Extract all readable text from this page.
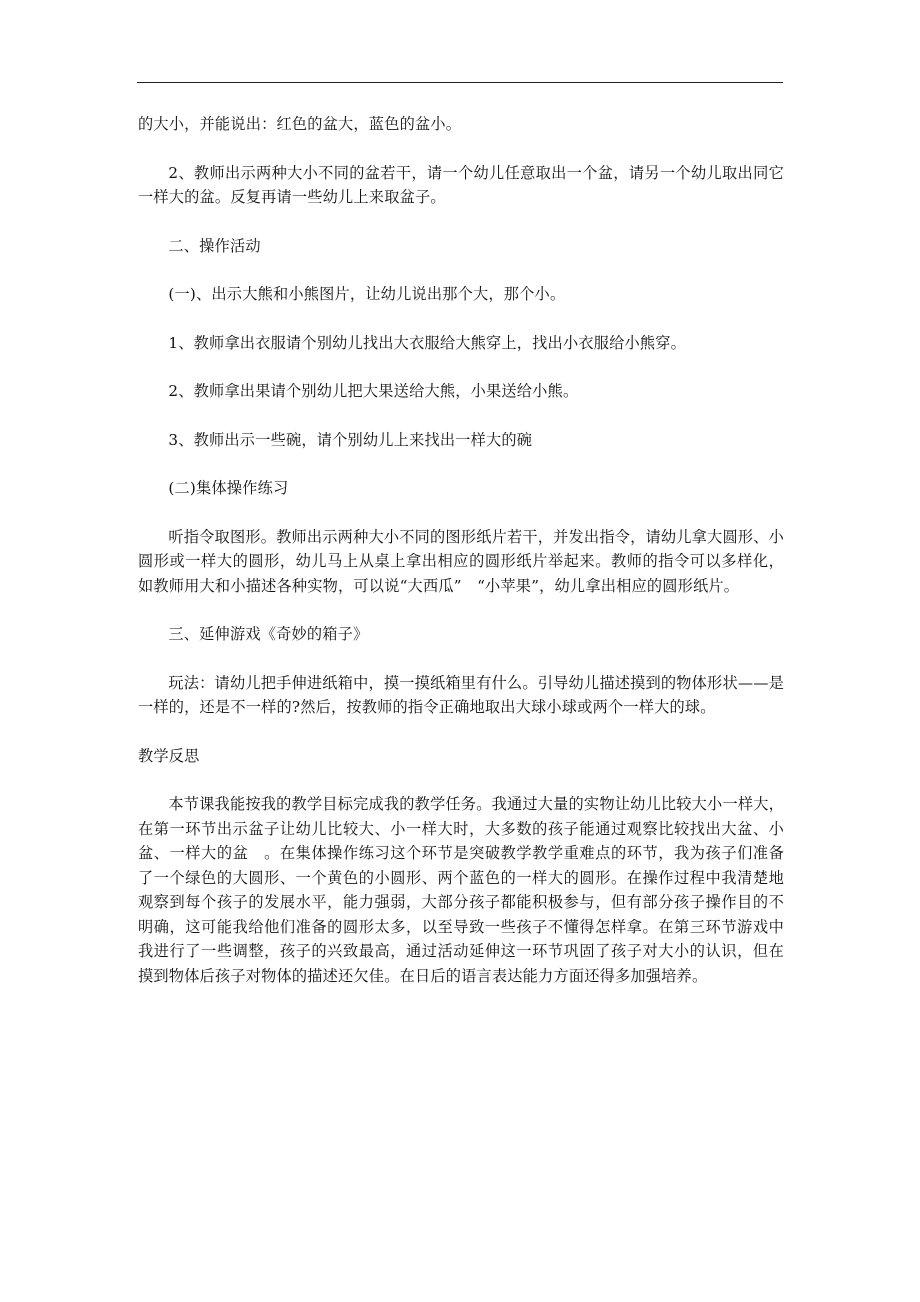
的大小，并能说出：红色的盆大，蓝色的盆小。

2、教师出示两种大小不同的盆若干，请一个幼儿任意取出一个盆，请另一个幼儿取出同它一样大的盆。反复再请一些幼儿上来取盆子。

二、操作活动

(一)、出示大熊和小熊图片，让幼儿说出那个大，那个小。

1、教师拿出衣服请个别幼儿找出大衣服给大熊穿上，找出小衣服给小熊穿。

2、教师拿出果请个别幼儿把大果送给大熊，小果送给小熊。

3、教师出示一些碗，请个别幼儿上来找出一样大的碗

(二)集体操作练习

听指令取图形。教师出示两种大小不同的图形纸片若干，并发出指令，请幼儿拿大圆形、小圆形或一样大的圆形，幼儿马上从桌上拿出相应的圆形纸片举起来。教师的指令可以多样化，如教师用大和小描述各种实物，可以说“大西瓜”　“小苹果”，幼儿拿出相应的圆形纸片。

三、延伸游戏《奇妙的箱子》

玩法：请幼儿把手伸进纸箱中，摸一摸纸箱里有什么。引导幼儿描述摸到的物体形状——是一样的，还是不一样的?然后，按教师的指令正确地取出大球小球或两个一样大的球。

教学反思

本节课我能按我的教学目标完成我的教学任务。我通过大量的实物让幼儿比较大小一样大，在第一环节出示盆子让幼儿比较大、小一样大时，大多数的孩子能通过观察比较找出大盆、小盆、一样大的盆　。在集体操作练习这个环节是突破教学教学重难点的环节，我为孩子们准备了一个绿色的大圆形、一个黄色的小圆形、两个蓝色的一样大的圆形。在操作过程中我清楚地观察到每个孩子的发展水平，能力强弱，大部分孩子都能积极参与，但有部分孩子操作目的不明确，这可能我给他们准备的圆形太多，以至导致一些孩子不懂得怎样拿。在第三环节游戏中我进行了一些调整，孩子的兴致最高，通过活动延伸这一环节巩固了孩子对大小的认识，但在摸到物体后孩子对物体的描述还欠佳。在日后的语言表达能力方面还得多加强培养。
